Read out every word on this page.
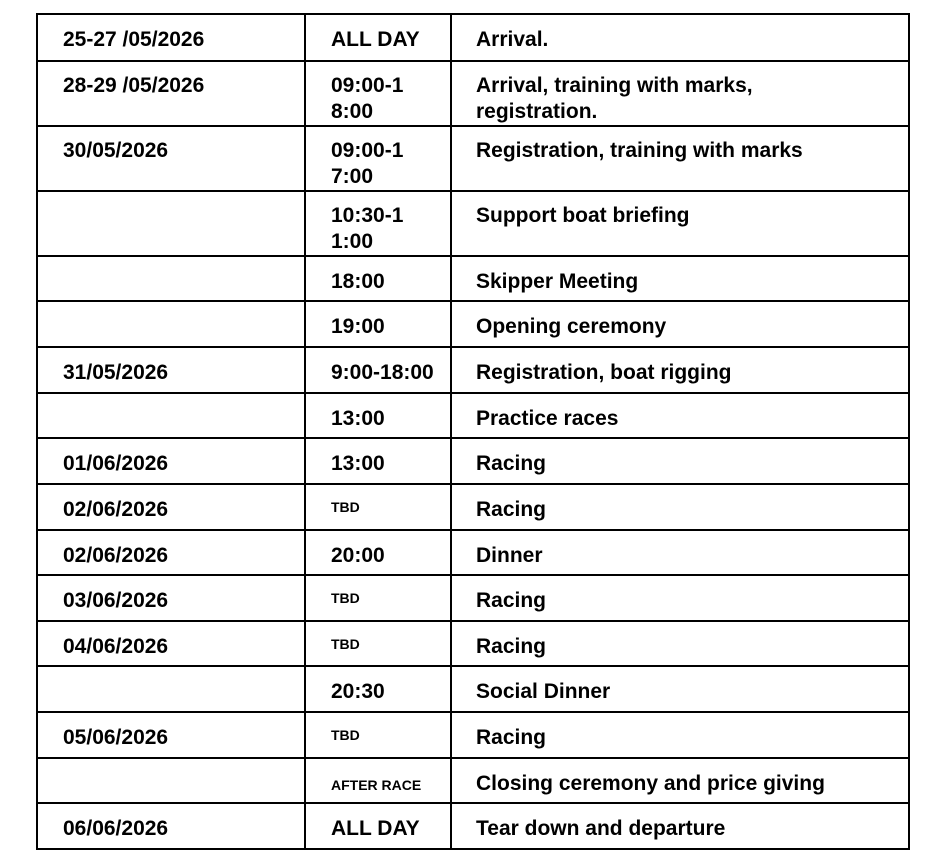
25-27 /05/2026	ALL DAY	Arrival.
28-29 /05/2026	09:00-18:00	Arrival, training with marks, registration.
30/05/2026	09:00-17:00	Registration, training with marks
	10:30-11:00	Support boat briefing
	18:00	Skipper Meeting
	19:00	Opening ceremony
31/05/2026	9:00-18:00	Registration, boat rigging
	13:00	Practice races
01/06/2026	13:00	Racing
02/06/2026	TBD	Racing
02/06/2026	20:00	Dinner
03/06/2026	TBD	Racing
04/06/2026	TBD	Racing
	20:30	Social Dinner
05/06/2026	TBD	Racing
	AFTER RACE	Closing ceremony and price giving
06/06/2026	ALL DAY	Tear down and departure
